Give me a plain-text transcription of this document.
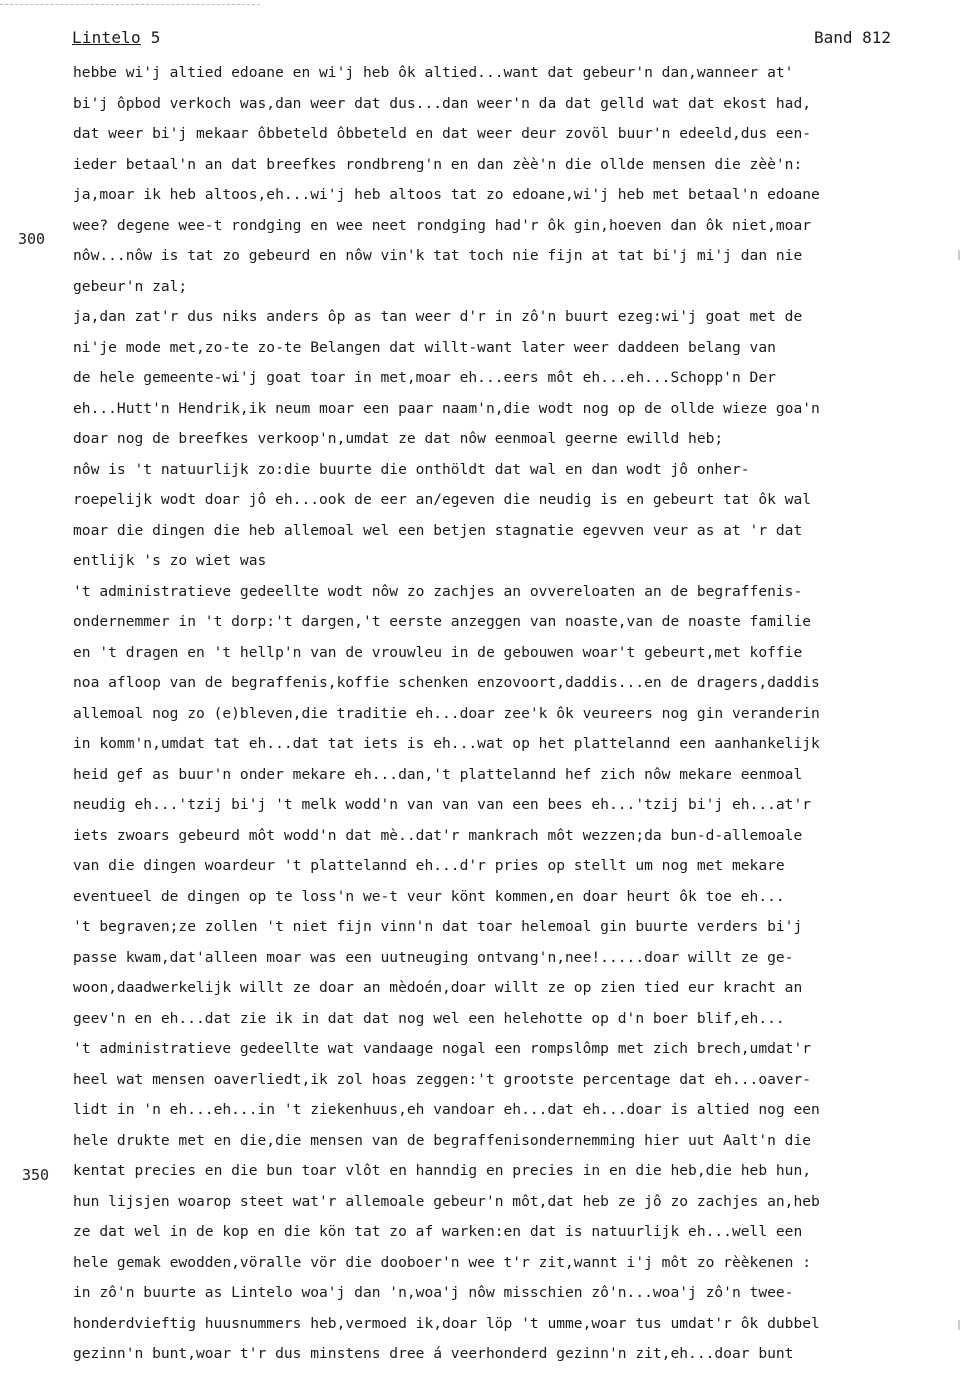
Lintelo 5	Band 812
300
350
hebbe wi'j altied edoane en wi'j heb ôk altied...want dat gebeur'n dan,wanneer at'
bi'j ôpbod verkoch was,dan weer dat dus...dan weer'n da dat gelld wat dat ekost had,
dat weer bi'j mekaar ôbbeteld ôbbeteld en dat weer deur zovöl buur'n edeeld,dus een-
ieder betaal'n an dat breefkes rondbreng'n en dan zèè'n die ollde mensen die zèè'n:
ja,moar ik heb altoos,eh...wi'j heb altoos tat zo edoane,wi'j heb met betaal'n edoane
wee? degene wee-t rondging en wee neet rondging had'r ôk gin,hoeven dan ôk niet,moar
nôw...nôw is tat zo gebeurd en nôw vin'k tat toch nie fijn at tat bi'j mi'j dan nie
gebeur'n zal;
ja,dan zat'r dus niks anders ôp as tan weer d'r in zô'n buurt ezeg:wi'j goat met de
ni'je mode met,zo-te zo-te Belangen dat willt-want later weer daddeen belang van
de hele gemeente-wi'j goat toar in met,moar eh...eers môt eh...eh...Schopp'n Der
eh...Hutt'n Hendrik,ik neum moar een paar naam'n,die wodt nog op de ollde wieze goa'n
doar nog de breefkes verkoop'n,umdat ze dat nôw eenmoal geerne ewilld heb;
nôw is 't natuurlijk zo:die buurte die onthöldt dat wal en dan wodt jô onher-
roepelijk wodt doar jô eh...ook de eer an/egeven die neudig is en gebeurt tat ôk wal
moar die dingen die heb allemoal wel een betjen stagnatie egevven veur as at 'r dat
entlijk 's zo wiet was
't administratieve gedeellte wodt nôw zo zachjes an ovvereloaten an de begraffenis-
ondernemmer in 't dorp:'t dargen,'t eerste anzeggen van noaste,van de noaste familie
en 't dragen en 't hellp'n van de vrouwleu in de gebouwen woar't gebeurt,met koffie
noa afloop van de begraffenis,koffie schenken enzovoort,daddis...en de dragers,daddis
allemoal nog zo (e)bleven,die traditie eh...doar zee'k ôk veureers nog gin veranderin
in komm'n,umdat tat eh...dat tat iets is eh...wat op het plattelannd een aanhankelijk
heid gef as buur'n onder mekare eh...dan,'t plattelannd hef zich nôw mekare eenmoal
neudig eh...'tzij bi'j 't melk wodd'n van van van een bees eh...'tzij bi'j eh...at'r
iets zwoars gebeurd môt wodd'n dat mè..dat'r mankrach môt wezzen;da bun-d-allemoale
van die dingen woardeur 't plattelannd eh...d'r pries op stellt um nog met mekare
eventueel de dingen op te loss'n we-t veur könt kommen,en doar heurt ôk toe eh...
't begraven;ze zollen 't niet fijn vinn'n dat toar helemoal gin buurte verders bi'j
passe kwam,dat'alleen moar was een uutneuging ontvang'n,nee!.....doar willt ze ge-
woon,daadwerkelijk willt ze doar an mèdoén,doar willt ze op zien tied eur kracht an
geev'n en eh...dat zie ik in dat dat nog wel een helehotte op d'n boer blif,eh...
't administratieve gedeellte wat vandaage nogal een rompslômp met zich brech,umdat'r
heel wat mensen oaverliedt,ik zol hoas zeggen:'t grootste percentage dat eh...oaver-
lidt in 'n eh...eh...in 't ziekenhuus,eh vandoar eh...dat eh...doar is altied nog een
hele drukte met en die,die mensen van de begraffenisondernemming hier uut Aalt'n die
kentat precies en die bun toar vlôt en hanndig en precies in en die heb,die heb hun,
hun lijsjen woarop steet wat'r allemoale gebeur'n môt,dat heb ze jô zo zachjes an,heb
ze dat wel in de kop en die kön tat zo af warken:en dat is natuurlijk eh...well een
hele gemak ewodden,vöralle vör die dooboer'n wee t'r zit,wannt i'j môt zo rèèkenen :
in zô'n buurte as Lintelo woa'j dan 'n,woa'j nôw misschien zô'n...woa'j zô'n twee-
honderdvieftig huusnummers heb,vermoed ik,doar löp 't umme,woar tus umdat'r ôk dubbel
gezinn'n bunt,woar t'r dus minstens dree á veerhonderd gezinn'n zit,eh...doar bunt
